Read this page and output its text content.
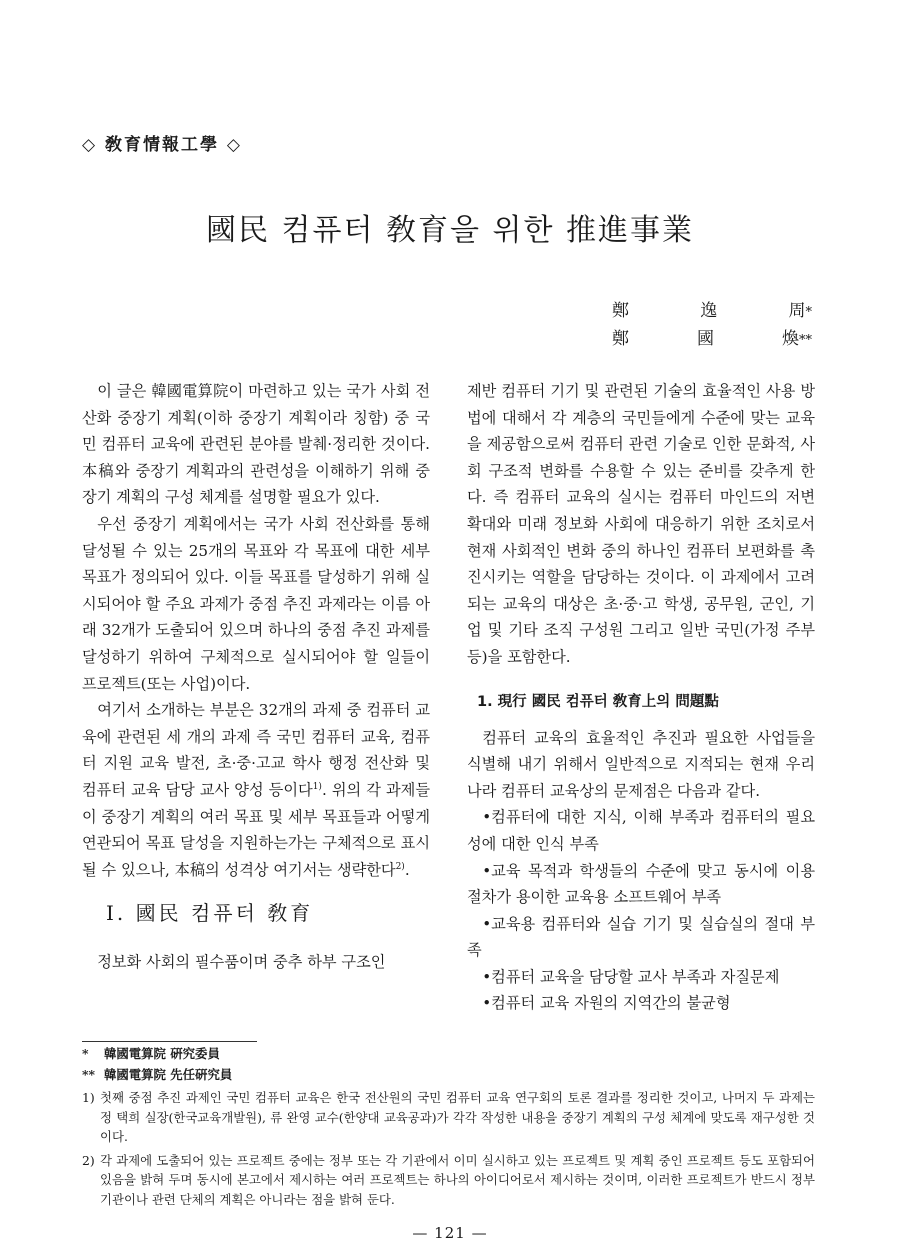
◇ 敎育情報工學 ◇
國民 컴퓨터 敎育을 위한 推進事業
鄭	逸	周*
鄭	國	煥**

이 글은 韓國電算院이 마련하고 있는 국가 사회 전산화 중장기 계획(이하 중장기 계획이라 칭함) 중 국민 컴퓨터 교육에 관련된 분야를 발췌·정리한 것이다. 本稿와 중장기 계획과의 관련성을 이해하기 위해 중장기 계획의 구성 체계를 설명할 필요가 있다.

우선 중장기 계획에서는 국가 사회 전산화를 통해 달성될 수 있는 25개의 목표와 각 목표에 대한 세부 목표가 정의되어 있다. 이들 목표를 달성하기 위해 실시되어야 할 주요 과제가 중점 추진 과제라는 이름 아래 32개가 도출되어 있으며 하나의 중점 추진 과제를 달성하기 위하여 구체적으로 실시되어야 할 일들이 프로젝트(또는 사업)이다.

여기서 소개하는 부분은 32개의 과제 중 컴퓨터 교육에 관련된 세 개의 과제 즉 국민 컴퓨터 교육, 컴퓨터 지원 교육 발전, 초·중·고교 학사 행정 전산화 및 컴퓨터 교육 담당 교사 양성 등이다$^{1)}$. 위의 각 과제들이 중장기 계획의 여러 목표 및 세부 목표들과 어떻게 연관되어 목표 달성을 지원하는가는 구체적으로 표시될 수 있으나, 本稿의 성격상 여기서는 생략한다$^{2)}$.

Ⅰ. 國民 컴퓨터 敎育

정보화 사회의 필수품이며 중추 하부 구조인

제반 컴퓨터 기기 및 관련된 기술의 효율적인 사용 방법에 대해서 각 계층의 국민들에게 수준에 맞는 교육을 제공함으로써 컴퓨터 관련 기술로 인한 문화적, 사회 구조적 변화를 수용할 수 있는 준비를 갖추게 한다. 즉 컴퓨터 교육의 실시는 컴퓨터 마인드의 저변 확대와 미래 정보화 사회에 대응하기 위한 조치로서 현재 사회적인 변화 중의 하나인 컴퓨터 보편화를 촉진시키는 역할을 담당하는 것이다. 이 과제에서 고려되는 교육의 대상은 초·중·고 학생, 공무원, 군인, 기업 및 기타 조직 구성원 그리고 일반 국민(가정 주부 등)을 포함한다.

1. 現行 國民 컴퓨터 敎育上의 問題點

컴퓨터 교육의 효율적인 추진과 필요한 사업들을 식별해 내기 위해서 일반적으로 지적되는 현재 우리 나라 컴퓨터 교육상의 문제점은 다음과 같다.

•컴퓨터에 대한 지식, 이해 부족과 컴퓨터의 필요성에 대한 인식 부족

•교육 목적과 학생들의 수준에 맞고 동시에 이용 절차가 용이한 교육용 소프트웨어 부족

•교육용 컴퓨터와 실습 기기 및 실습실의 절대 부족

•컴퓨터 교육을 담당할 교사 부족과 자질문제

•컴퓨터 교육 자원의 지역간의 불균형

*	韓國電算院 硏究委員
** 韓國電算院 先任硏究員
1) 첫째 중점 추진 과제인 국민 컴퓨터 교육은 한국 전산원의 국민 컴퓨터 교육 연구회의 토론 결과를 정리한 것이고, 나머지 두 과제는 정 택희 실장(한국교육개발원), 류 완영 교수(한양대 교육공과)가 각각 작성한 내용을 중장기 계획의 구성 체계에 맞도록 재구성한 것이다.
2) 각 과제에 도출되어 있는 프로젝트 중에는 정부 또는 각 기관에서 이미 실시하고 있는 프로젝트 및 계획 중인 프로젝트 등도 포함되어 있음을 밝혀 두며 동시에 본고에서 제시하는 여러 프로젝트는 하나의 아이디어로서 제시하는 것이며, 이러한 프로젝트가 반드시 정부 기관이나 관련 단체의 계획은 아니라는 점을 밝혀 둔다.
— 121 —
